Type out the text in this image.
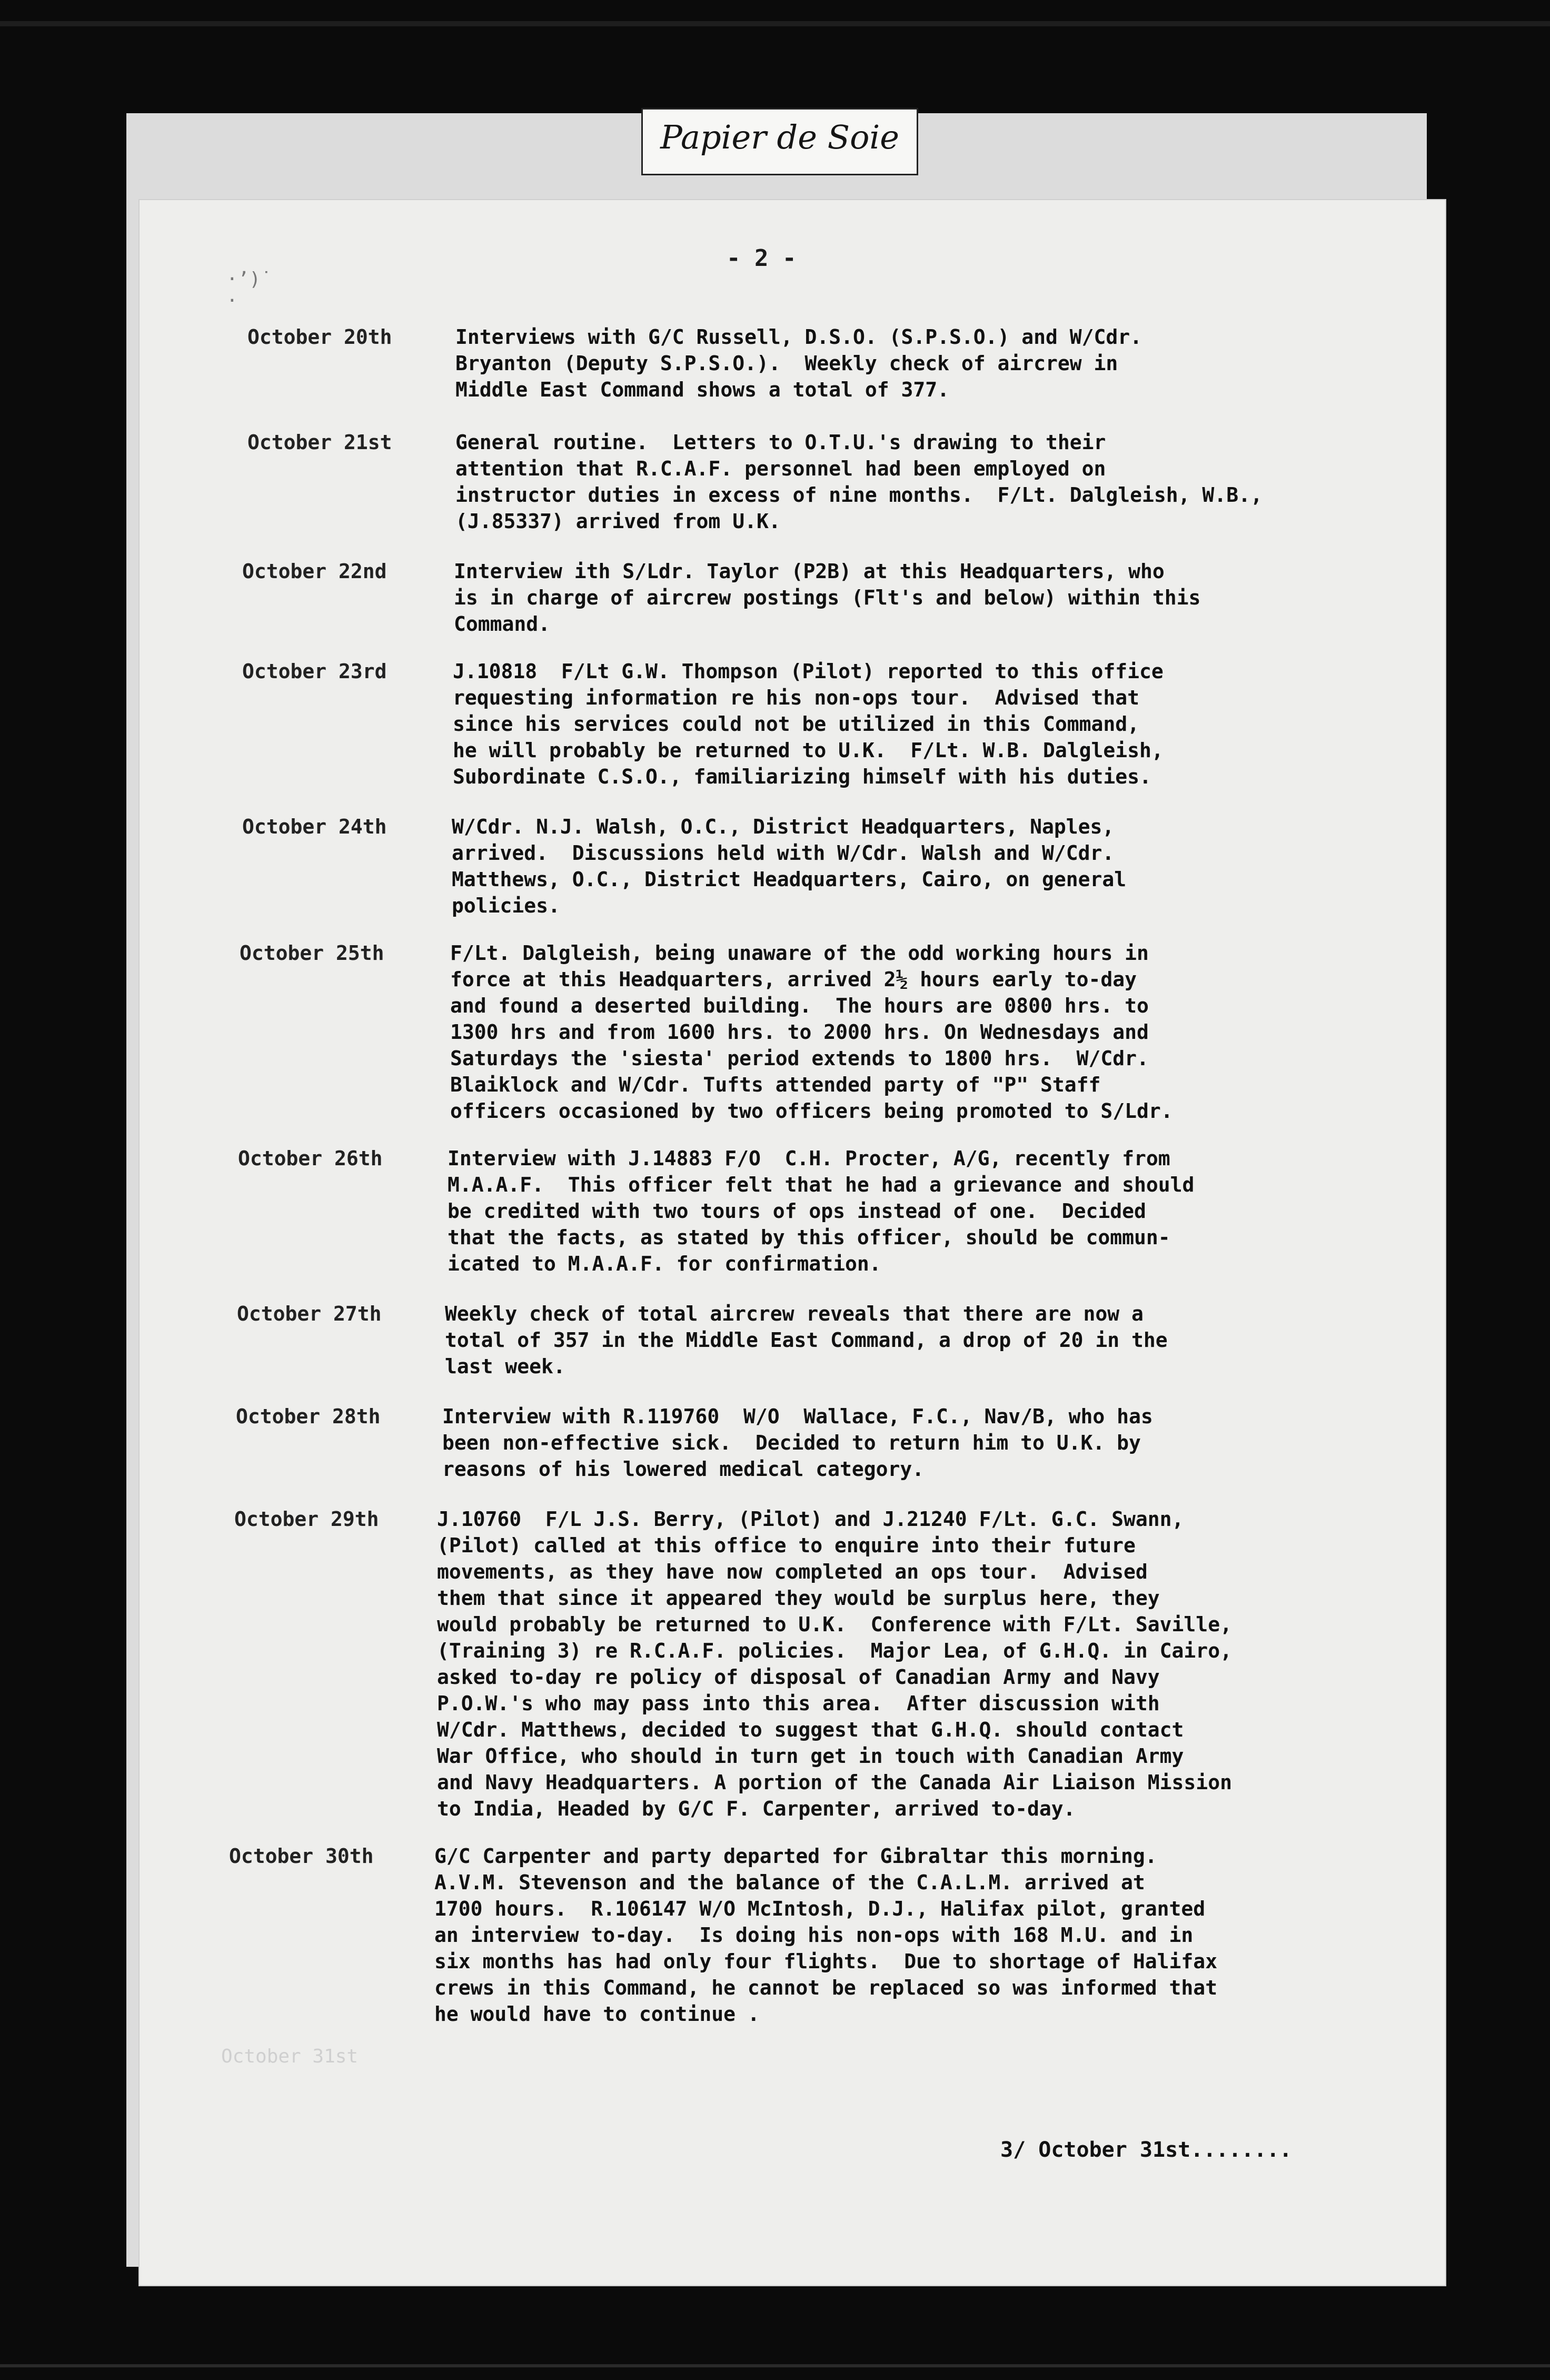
Papier de Soie
- 2 -
·ʼ)˙ ·
October 20th	Interviews with G/C Russell, D.S.O. (S.P.S.O.) and W/Cdr.
Bryanton (Deputy S.P.S.O.).  Weekly check of aircrew in
Middle East Command shows a total of 377.
October 21st	General routine.  Letters to O.T.U.'s drawing to their
attention that R.C.A.F. personnel had been employed on
instructor duties in excess of nine months.  F/Lt. Dalgleish, W.B.,
(J.85337) arrived from U.K.
October 22nd	Interview ith S/Ldr. Taylor (P2B) at this Headquarters, who
is in charge of aircrew postings (Flt's and below) within this
Command.
October 23rd	J.10818  F/Lt G.W. Thompson (Pilot) reported to this office
requesting information re his non-ops tour.  Advised that
since his services could not be utilized in this Command,
he will probably be returned to U.K.  F/Lt. W.B. Dalgleish,
Subordinate C.S.O., familiarizing himself with his duties.
October 24th	W/Cdr. N.J. Walsh, O.C., District Headquarters, Naples,
arrived.  Discussions held with W/Cdr. Walsh and W/Cdr.
Matthews, O.C., District Headquarters, Cairo, on general
policies.
October 25th	F/Lt. Dalgleish, being unaware of the odd working hours in
force at this Headquarters, arrived 2½ hours early to-day
and found a deserted building.  The hours are 0800 hrs. to
1300 hrs and from 1600 hrs. to 2000 hrs. On Wednesdays and
Saturdays the 'siesta' period extends to 1800 hrs.  W/Cdr.
Blaiklock and W/Cdr. Tufts attended party of "P" Staff
officers occasioned by two officers being promoted to S/Ldr.
October 26th	Interview with J.14883 F/O  C.H. Procter, A/G, recently from
M.A.A.F.  This officer felt that he had a grievance and should
be credited with two tours of ops instead of one.  Decided
that the facts, as stated by this officer, should be commun-
icated to M.A.A.F. for confirmation.
October 27th	Weekly check of total aircrew reveals that there are now a
total of 357 in the Middle East Command, a drop of 20 in the
last week.
October 28th	Interview with R.119760  W/O  Wallace, F.C., Nav/B, who has
been non-effective sick.  Decided to return him to U.K. by
reasons of his lowered medical category.
October 29th	J.10760  F/L J.S. Berry, (Pilot) and J.21240 F/Lt. G.C. Swann,
(Pilot) called at this office to enquire into their future
movements, as they have now completed an ops tour.  Advised
them that since it appeared they would be surplus here, they
would probably be returned to U.K.  Conference with F/Lt. Saville,
(Training 3) re R.C.A.F. policies.  Major Lea, of G.H.Q. in Cairo,
asked to-day re policy of disposal of Canadian Army and Navy
P.O.W.'s who may pass into this area.  After discussion with
W/Cdr. Matthews, decided to suggest that G.H.Q. should contact
War Office, who should in turn get in touch with Canadian Army
and Navy Headquarters. A portion of the Canada Air Liaison Mission
to India, Headed by G/C F. Carpenter, arrived to-day.
October 30th	G/C Carpenter and party departed for Gibraltar this morning.
A.V.M. Stevenson and the balance of the C.A.L.M. arrived at
1700 hours.  R.106147 W/O McIntosh, D.J., Halifax pilot, granted
an interview to-day.  Is doing his non-ops with 168 M.U. and in
six months has had only four flights.  Due to shortage of Halifax
crews in this Command, he cannot be replaced so was informed that
he would have to continue .
October 31st
3/ October 31st........
